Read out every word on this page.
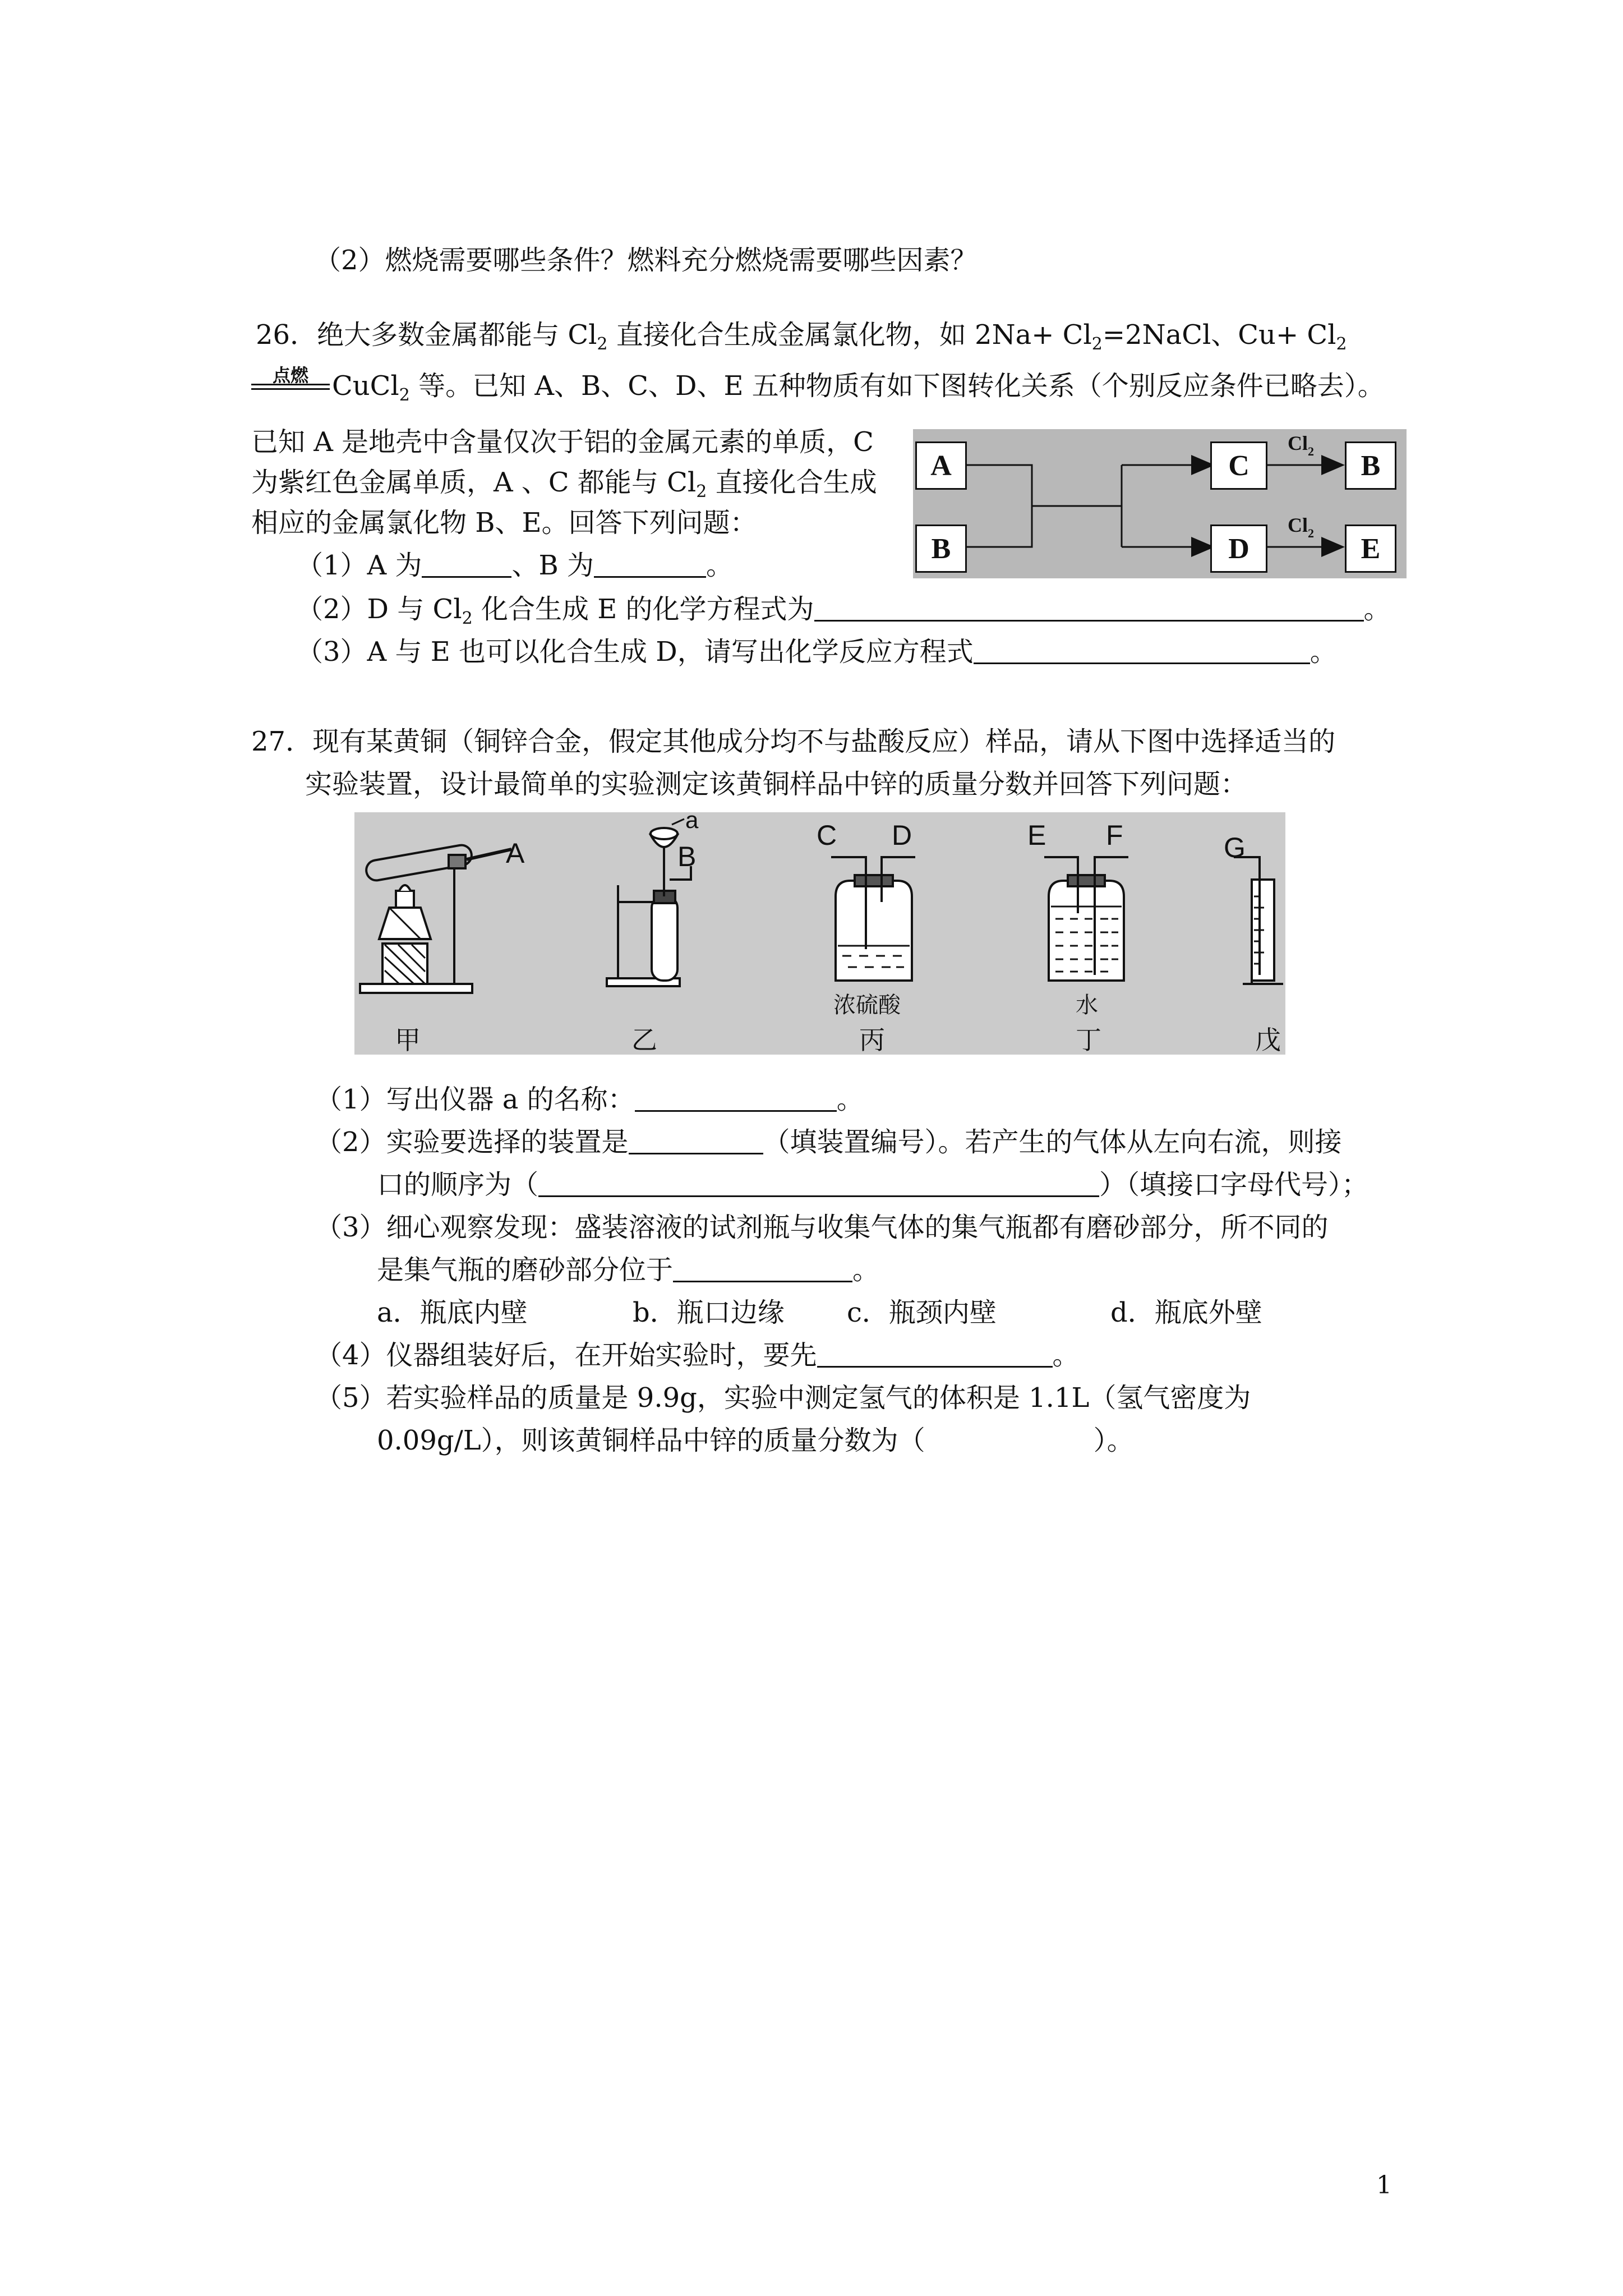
（2）燃烧需要哪些条件？燃料充分燃烧需要哪些因素？
26．绝大多数金属都能与 $Cl_2$ 直接化合生成金属氯化物，如 $2Na+ Cl_2=2NaCl$、$Cu+ Cl_2$
点燃 CuCl$_2$ 等。已知 A、B、C、D、E 五种物质有如下图转化关系（个别反应条件已略去）。
已知 A 是地壳中含量仅次于铝的金属元素的单质，C
为紫红色金属单质，A 、C 都能与 $Cl_2$ 直接化合生成
相应的金属氯化物 B、E。回答下列问题：
A
B
C
D
B
E
$Cl_2$
$Cl_2$
（1）A 为	、B 为	。
（2）D 与 $Cl_2$ 化合生成 E 的化学方程式为	。
（3）A 与 E 也可以化合生成 D，请写出化学反应方程式	。
27．现有某黄铜（铜锌合金，假定其他成分均不与盐酸反应）样品，请从下图中选择适当的
实验装置，设计最简单的实验测定该黄铜样品中锌的质量分数并回答下列问题：
A
a
B
C D	E F	G
浓硫酸	水
甲	乙	丙	丁	戊
（1）写出仪器 a 的名称：	。
（2）实验要选择的装置是	（填装置编号）。若产生的气体从左向右流，则接
口的顺序为（	）（填接口字母代号）；
（3）细心观察发现：盛装溶液的试剂瓶与收集气体的集气瓶都有磨砂部分，所不同的
是集气瓶的磨砂部分位于	。
a．瓶底内壁	b．瓶口边缘 c．瓶颈内壁	d．瓶底外壁
（4）仪器组装好后，在开始实验时，要先	。
（5）若实验样品的质量是 9.9g，实验中测定氢气的体积是 1.1L（氢气密度为
0.09g/L），则该黄铜样品中锌的质量分数为（	）。
1
